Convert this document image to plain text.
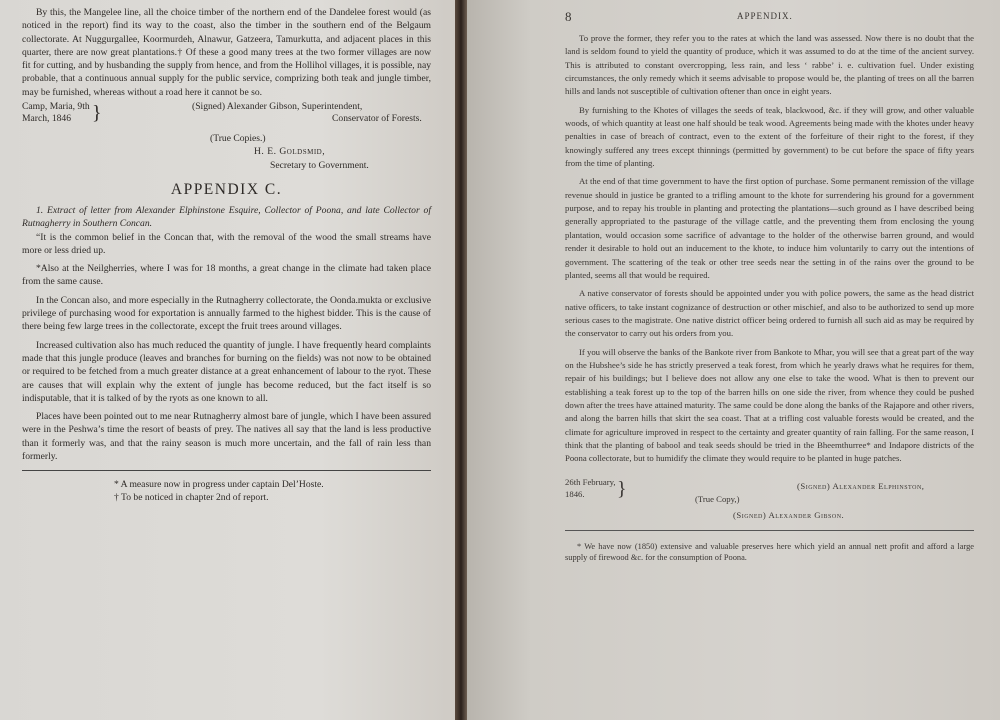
By this, the Mangelee line, all the choice timber of the northern end of the Dandelee forest would (as noticed in the report) find its way to the coast, also the timber in the southern end of the Belgaum collectorate. At Nuggurgallee, Koormurdeh, Alnawur, Gatzeera, Tamurkutta, and adjacent places in this quarter, there are now great plantations.† Of these a good many trees at the two former villages are now fit for cutting, and by husbanding the supply from hence, and from the Hollihol villages, it is possible, nay probable, that a continuous annual supply for the public service, comprizing both teak and jungle timber, may be furnished, whereas without a road here it cannot be so.

Camp, Maria, 9th
March, 1846	}	(Signed) Alexander Gibson, Superintendent,
Conservator of Forests.
(True Copies.)
H. E. Goldsmid,
Secretary to Government.
APPENDIX C.

1. Extract of letter from Alexander Elphinstone Esquire, Collector of Poona, and late Collector of Rutnagherry in Southern Concan.

“It is the common belief in the Concan that, with the removal of the wood the small streams have more or less dried up.

*Also at the Neilgherries, where I was for 18 months, a great change in the climate had taken place from the same cause.

In the Concan also, and more especially in the Rutnagherry collectorate, the Oonda.mukta or exclusive privilege of purchasing wood for exportation is annually farmed to the highest bidder. This is the cause of there being few large trees in the collectorate, except the fruit trees around villages.

Increased cultivation also has much reduced the quantity of jungle. I have frequently heard complaints made that this jungle produce (leaves and branches for burning on the fields) was not now to be obtained or required to be fetched from a much greater distance at a great enhancement of labour to the ryot. These are causes that will explain why the extent of jungle has become reduced, but the fact itself is so indisputable, that it is talked of by the ryots as one known to all.

Places have been pointed out to me near Rutnagherry almost bare of jungle, which I have been assured were in the Peshwa’s time the resort of beasts of prey. The natives all say that the land is less productive than it formerly was, and that the rainy season is much more uncertain, and the fall of rain less than formerly.

* A measure now in progress under captain Del’Hoste.
† To be noticed in chapter 2nd of report.
8	APPENDIX.

To prove the former, they refer you to the rates at which the land was assessed. Now there is no doubt that the land is seldom found to yield the quantity of produce, which it was assumed to do at the time of the ancient survey. This is attributed to constant overcropping, less rain, and less ‘ rabbe’ i. e. cultivation fuel. Under existing circumstances, the only remedy which it seems advisable to propose would be, the planting of trees on all the barren hills and lands not susceptible of cultivation oftener than once in eight years.

By furnishing to the Khotes of villages the seeds of teak, blackwood, &c. if they will grow, and other valuable woods, of which quantity at least one half should be teak wood. Agreements being made with the khotes under heavy penalties in case of breach of contract, even to the extent of the forfeiture of their right to the forest, if they knowingly suffered any trees except thinnings (permitted by government) to be cut before the space of fifty years from the time of planting.

At the end of that time government to have the first option of purchase. Some permanent remission of the village revenue should in justice be granted to a trifling amount to the khote for surrendering his ground for a government purpose, and to repay his trouble in planting and protecting the plantations—such ground as I have described being generally appropriated to the pasturage of the village cattle, and the preventing them from enclosing the young plantation, would occasion some sacrifice of advantage to the holder of the otherwise barren ground, and would render it desirable to hold out an inducement to the khote, to induce him voluntarily to carry out the intentions of government. The scattering of the teak or other tree seeds near the setting in of the rains over the ground to be planted, seems all that would be required.

A native conservator of forests should be appointed under you with police powers, the same as the head district native officers, to take instant cognizance of destruction or other mischief, and also to be authorized to send up more serious cases to the magistrate. One native district officer being ordered to furnish all such aid as may be required by the conservator to carry out his orders from you.

If you will observe the banks of the Bankote river from Bankote to Mhar, you will see that a great part of the way on the Hubshee’s side he has strictly preserved a teak forest, from which he yearly draws what he requires for them, repair of his buildings; but I believe does not allow any one else to take the wood. What is then to prevent our establishing a teak forest up to the top of the barren hills on one side the river, from whence they could be pushed down after the trees have attained maturity. The same could be done along the banks of the Rajapore and other rivers, and along the barren hills that skirt the sea coast. That at a trifling cost valuable forests would be created, and the climate for agriculture improved in respect to the certainty and greater quantity of rain falling. For the same reason, I think that the planting of babool and teak seeds should be tried in the Bheemthurree* and Indapore districts of the Poona collectorate, but to humidify the climate they would require to be planted in huge patches.

26th February,
1846.	}	(Signed) Alexander Elphinston,
(True Copy,)
(Signed) Alexander Gibson.

* We have now (1850) extensive and valuable preserves here which yield an annual nett profit and afford a large supply of firewood &c. for the consumption of Poona.
